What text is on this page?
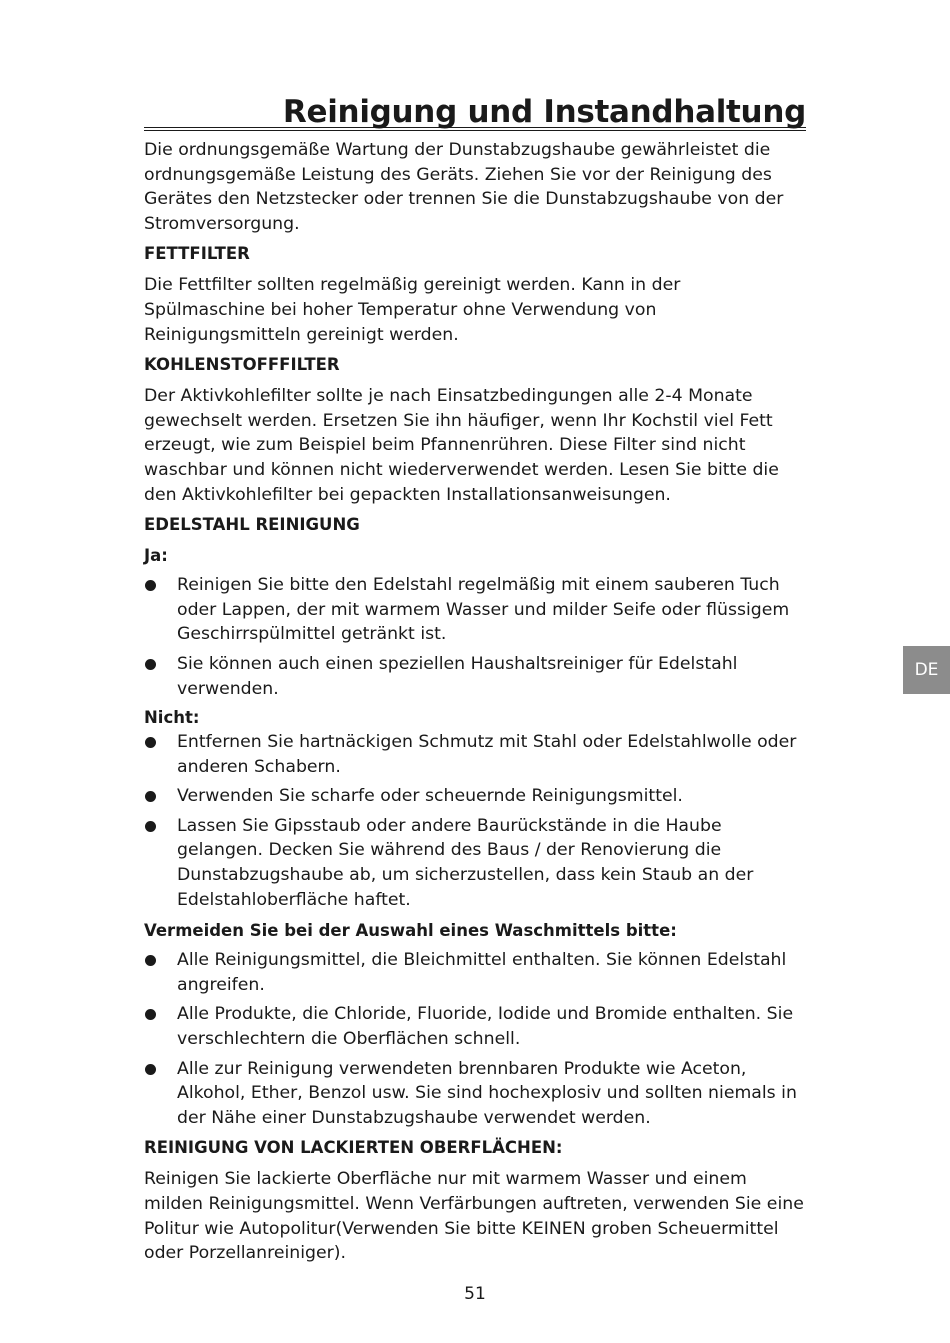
Reinigung und Instandhaltung

Die ordnungsgemäße Wartung der Dunstabzugshaube gewährleistet die ordnungsgemäße Leistung des Geräts. Ziehen Sie vor der Reinigung des Gerätes den Netzstecker oder trennen Sie die Dunstabzugshaube von der Stromversorgung.

FETTFILTER

Die Fettfilter sollten regelmäßig gereinigt werden. Kann in der Spülmaschine bei hoher Temperatur ohne Verwendung von Reinigungsmitteln gereinigt werden.

KOHLENSTOFFFILTER

Der Aktivkohlefilter sollte je nach Einsatzbedingungen alle 2-4 Monate gewechselt werden. Ersetzen Sie ihn häufiger, wenn Ihr Kochstil viel Fett erzeugt, wie zum Beispiel beim Pfannenrühren. Diese Filter sind nicht waschbar und können nicht wiederverwendet werden. Lesen Sie bitte die den Aktivkohlefilter bei gepackten Installationsanweisungen.

EDELSTAHL REINIGUNG
Ja:
Reinigen Sie bitte den Edelstahl regelmäßig mit einem sauberen Tuch oder Lappen, der mit warmem Wasser und milder Seife oder flüssigem Geschirrspülmittel getränkt ist.
Sie können auch einen speziellen Haushaltsreiniger für Edelstahl verwenden.
Nicht:
Entfernen Sie hartnäckigen Schmutz mit Stahl oder Edelstahlwolle oder anderen Schabern.
Verwenden Sie scharfe oder scheuernde Reinigungsmittel.
Lassen Sie Gipsstaub oder andere Baurückstände in die Haube gelangen. Decken Sie während des Baus / der Renovierung die Dunstabzugshaube ab, um sicherzustellen, dass kein Staub an der Edelstahloberfläche haftet.
Vermeiden Sie bei der Auswahl eines Waschmittels bitte:
Alle Reinigungsmittel, die Bleichmittel enthalten. Sie können Edelstahl angreifen.
Alle Produkte, die Chloride, Fluoride, Iodide und Bromide enthalten. Sie verschlechtern die Oberflächen schnell.
Alle zur Reinigung verwendeten brennbaren Produkte wie Aceton, Alkohol, Ether, Benzol usw. Sie sind hochexplosiv und sollten niemals in der Nähe einer Dunstabzugshaube verwendet werden.
REINIGUNG VON LACKIERTEN OBERFLÄCHEN:

Reinigen Sie lackierte Oberfläche nur mit warmem Wasser und einem milden Reinigungsmittel. Wenn Verfärbungen auftreten, verwenden Sie eine Politur wie Autopolitur(Verwenden Sie bitte KEINEN groben Scheuermittel oder Porzellanreiniger).

51
DE
